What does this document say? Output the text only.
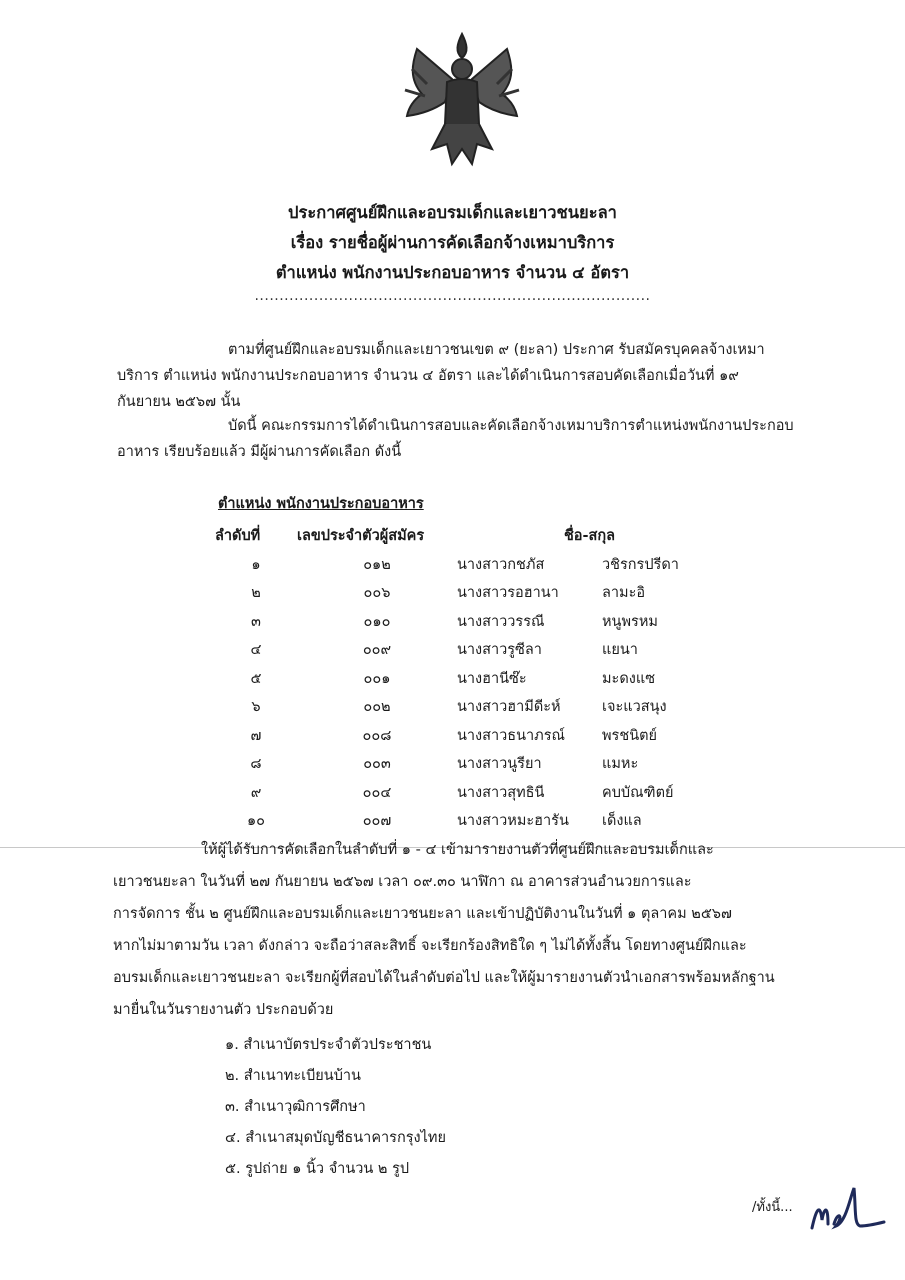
ประกาศศูนย์ฝึกและอบรมเด็กและเยาวชนยะลา
เรื่อง รายชื่อผู้ผ่านการคัดเลือกจ้างเหมาบริการ
ตำแหน่ง พนักงานประกอบอาหาร จำนวน ๔ อัตรา
................................................................................
ตามที่ศูนย์ฝึกและอบรมเด็กและเยาวชนเขต ๙ (ยะลา) ประกาศ รับสมัครบุคคลจ้างเหมา
บริการ ตำแหน่ง พนักงานประกอบอาหาร จำนวน ๔ อัตรา และได้ดำเนินการสอบคัดเลือกเมื่อวันที่ ๑๙
กันยายน ๒๕๖๗ นั้น
บัดนี้ คณะกรรมการได้ดำเนินการสอบและคัดเลือกจ้างเหมาบริการตำแหน่งพนักงานประกอบ
อาหาร เรียบร้อยแล้ว มีผู้ผ่านการคัดเลือก ดังนี้
ตำแหน่ง พนักงานประกอบอาหาร
ลำดับที่	เลขประจำตัวผู้สมัคร	ชื่อ-สกุล	
๑	๐๑๒	นางสาวกชภัส	วชิรกรปรีดา
๒	๐๐๖	นางสาวรอฮานา	ลามะอิ
๓	๐๑๐	นางสาววรรณี	หนูพรหม
๔	๐๐๙	นางสาวรูซีลา	แยนา
๕	๐๐๑	นางฮานีซ๊ะ	มะดงแซ
๖	๐๐๒	นางสาวฮามีดีะห์	เจะแวสนุง
๗	๐๐๘	นางสาวธนาภรณ์	พรชนิตย์
๘	๐๐๓	นางสาวนูรียา	แมหะ
๙	๐๐๔	นางสาวสุทธินี	คบบัณฑิตย์
๑๐	๐๐๗	นางสาวหมะฮารัน	เด็งแล
ให้ผู้ได้รับการคัดเลือกในลำดับที่ ๑ - ๔ เข้ามารายงานตัวที่ศูนย์ฝึกและอบรมเด็กและ
เยาวชนยะลา ในวันที่ ๒๗ กันยายน ๒๕๖๗ เวลา ๐๙.๓๐ นาฬิกา ณ อาคารส่วนอำนวยการและ
การจัดการ ชั้น ๒ ศูนย์ฝึกและอบรมเด็กและเยาวชนยะลา และเข้าปฏิบัติงานในวันที่ ๑ ตุลาคม ๒๕๖๗
หากไม่มาตามวัน เวลา ดังกล่าว จะถือว่าสละสิทธิ์ จะเรียกร้องสิทธิใด ๆ ไม่ได้ทั้งสิ้น โดยทางศูนย์ฝึกและ
อบรมเด็กและเยาวชนยะลา จะเรียกผู้ที่สอบได้ในลำดับต่อไป และให้ผู้มารายงานตัวนำเอกสารพร้อมหลักฐาน
มายื่นในวันรายงานตัว ประกอบด้วย
๑. สำเนาบัตรประจำตัวประชาชน
๒. สำเนาทะเบียนบ้าน
๓. สำเนาวุฒิการศึกษา
๔. สำเนาสมุดบัญชีธนาคารกรุงไทย
๕. รูปถ่าย ๑ นิ้ว จำนวน ๒ รูป
/ทั้งนี้...
